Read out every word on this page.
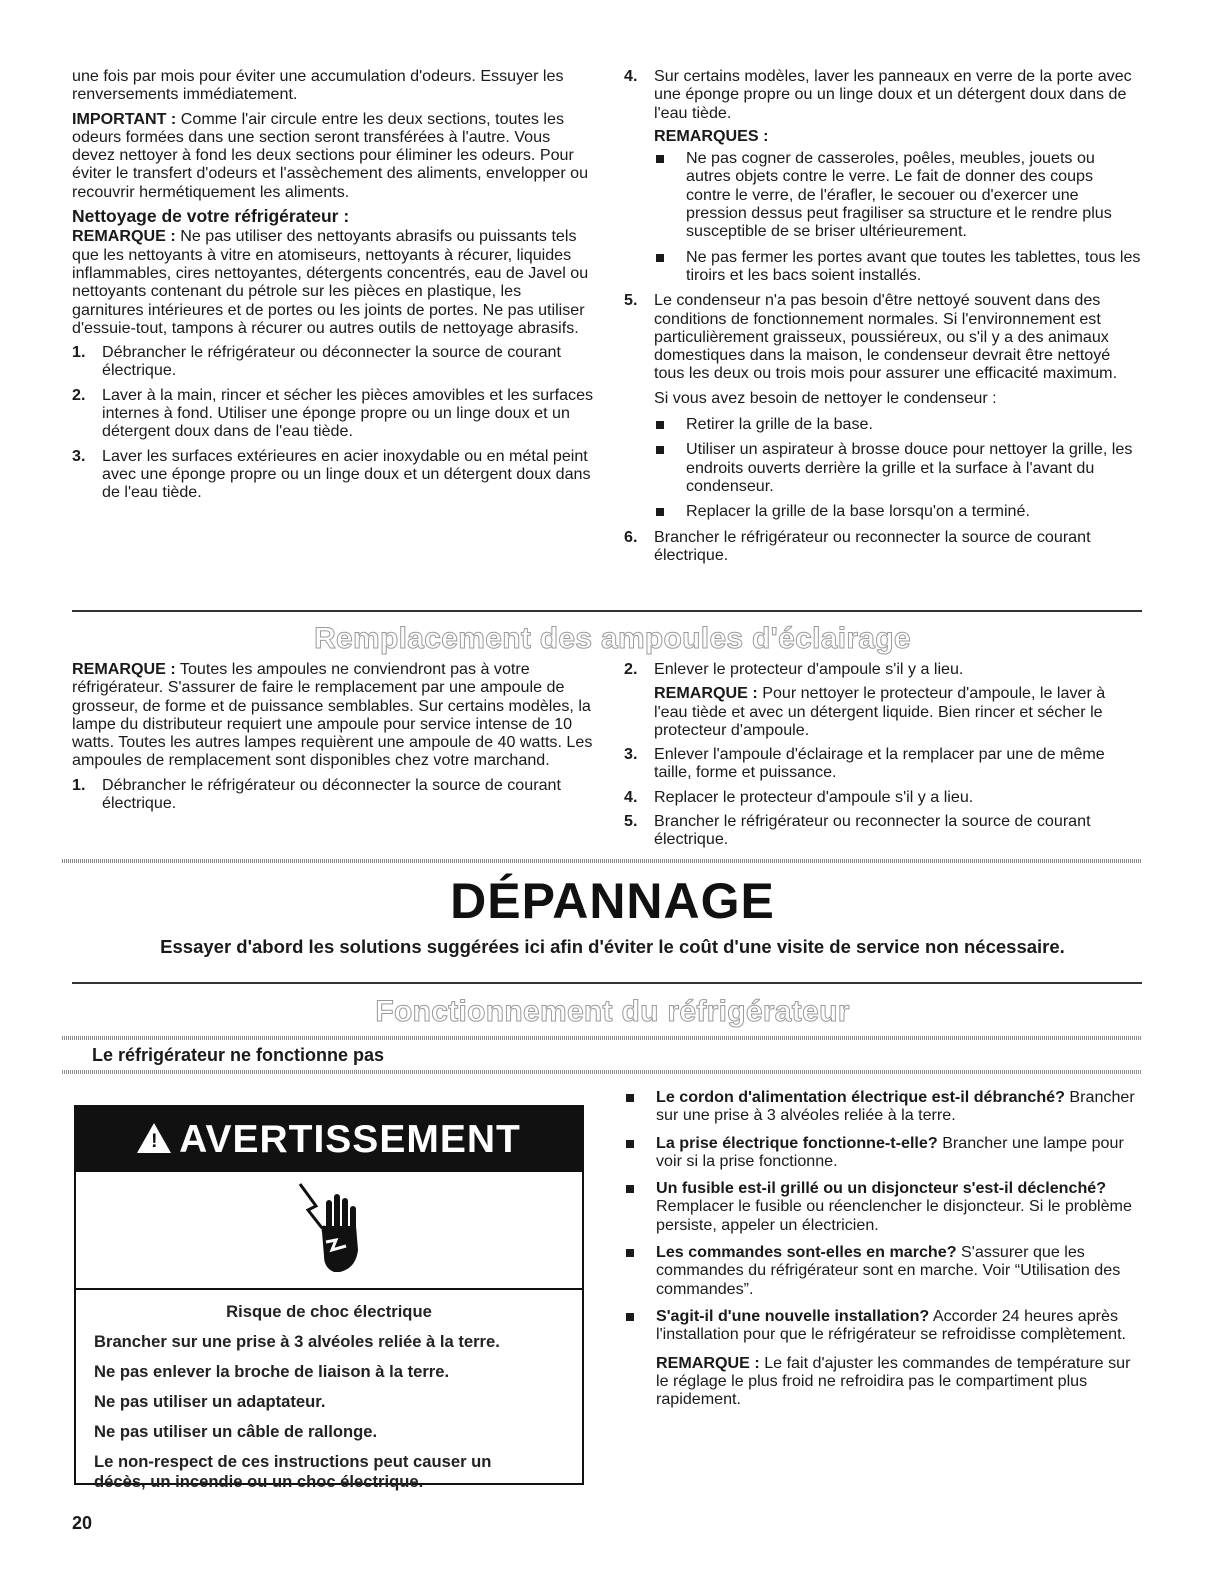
une fois par mois pour éviter une accumulation d'odeurs. Essuyer les renversements immédiatement.

IMPORTANT : Comme l'air circule entre les deux sections, toutes les odeurs formées dans une section seront transférées à l'autre. Vous devez nettoyer à fond les deux sections pour éliminer les odeurs. Pour éviter le transfert d'odeurs et l'assèchement des aliments, envelopper ou recouvrir hermétiquement les aliments.

Nettoyage de votre réfrigérateur :

REMARQUE : Ne pas utiliser des nettoyants abrasifs ou puissants tels que les nettoyants à vitre en atomiseurs, nettoyants à récurer, liquides inflammables, cires nettoyantes, détergents concentrés, eau de Javel ou nettoyants contenant du pétrole sur les pièces en plastique, les garnitures intérieures et de portes ou les joints de portes. Ne pas utiliser d'essuie-tout, tampons à récurer ou autres outils de nettoyage abrasifs.

1. Débrancher le réfrigérateur ou déconnecter la source de courant électrique.
2. Laver à la main, rincer et sécher les pièces amovibles et les surfaces internes à fond. Utiliser une éponge propre ou un linge doux et un détergent doux dans de l'eau tiède.
3. Laver les surfaces extérieures en acier inoxydable ou en métal peint avec une éponge propre ou un linge doux et un détergent doux dans de l'eau tiède.
4. Sur certains modèles, laver les panneaux en verre de la porte avec une éponge propre ou un linge doux et un détergent doux dans de l'eau tiède.
REMARQUES :
Ne pas cogner de casseroles, poêles, meubles, jouets ou autres objets contre le verre. Le fait de donner des coups contre le verre, de l'érafler, le secouer ou d'exercer une pression dessus peut fragiliser sa structure et le rendre plus susceptible de se briser ultérieurement.
Ne pas fermer les portes avant que toutes les tablettes, tous les tiroirs et les bacs soient installés.
5. Le condenseur n'a pas besoin d'être nettoyé souvent dans des conditions de fonctionnement normales. Si l'environnement est particulièrement graisseux, poussiéreux, ou s'il y a des animaux domestiques dans la maison, le condenseur devrait être nettoyé tous les deux ou trois mois pour assurer une efficacité maximum.
Si vous avez besoin de nettoyer le condenseur :
Retirer la grille de la base.
Utiliser un aspirateur à brosse douce pour nettoyer la grille, les endroits ouverts derrière la grille et la surface à l'avant du condenseur.
Replacer la grille de la base lorsqu'on a terminé.
6. Brancher le réfrigérateur ou reconnecter la source de courant électrique.
Remplacement des ampoules d'éclairage

REMARQUE : Toutes les ampoules ne conviendront pas à votre réfrigérateur. S'assurer de faire le remplacement par une ampoule de grosseur, de forme et de puissance semblables. Sur certains modèles, la lampe du distributeur requiert une ampoule pour service intense de 10 watts. Toutes les autres lampes requièrent une ampoule de 40 watts. Les ampoules de remplacement sont disponibles chez votre marchand.

1. Débrancher le réfrigérateur ou déconnecter la source de courant électrique.
2. Enlever le protecteur d'ampoule s'il y a lieu.
REMARQUE : Pour nettoyer le protecteur d'ampoule, le laver à l'eau tiède et avec un détergent liquide. Bien rincer et sécher le protecteur d'ampoule.
3. Enlever l'ampoule d'éclairage et la remplacer par une de même taille, forme et puissance.
4. Replacer le protecteur d'ampoule s'il y a lieu.
5. Brancher le réfrigérateur ou reconnecter la source de courant électrique.
DÉPANNAGE
Essayer d'abord les solutions suggérées ici afin d'éviter le coût d'une visite de service non nécessaire.
Fonctionnement du réfrigérateur
Le réfrigérateur ne fonctionne pas
! AVERTISSEMENT

Risque de choc électrique

Brancher sur une prise à 3 alvéoles reliée à la terre.

Ne pas enlever la broche de liaison à la terre.

Ne pas utiliser un adaptateur.

Ne pas utiliser un câble de rallonge.

Le non-respect de ces instructions peut causer un décès, un incendie ou un choc électrique.

Le cordon d'alimentation électrique est-il débranché? Brancher sur une prise à 3 alvéoles reliée à la terre.
La prise électrique fonctionne-t-elle? Brancher une lampe pour voir si la prise fonctionne.
Un fusible est-il grillé ou un disjoncteur s'est-il déclenché? Remplacer le fusible ou réenclencher le disjoncteur. Si le problème persiste, appeler un électricien.
Les commandes sont-elles en marche? S'assurer que les commandes du réfrigérateur sont en marche. Voir “Utilisation des commandes”.
S'agit-il d'une nouvelle installation? Accorder 24 heures après l'installation pour que le réfrigérateur se refroidisse complètement.
REMARQUE : Le fait d'ajuster les commandes de température sur le réglage le plus froid ne refroidira pas le compartiment plus rapidement.
20
